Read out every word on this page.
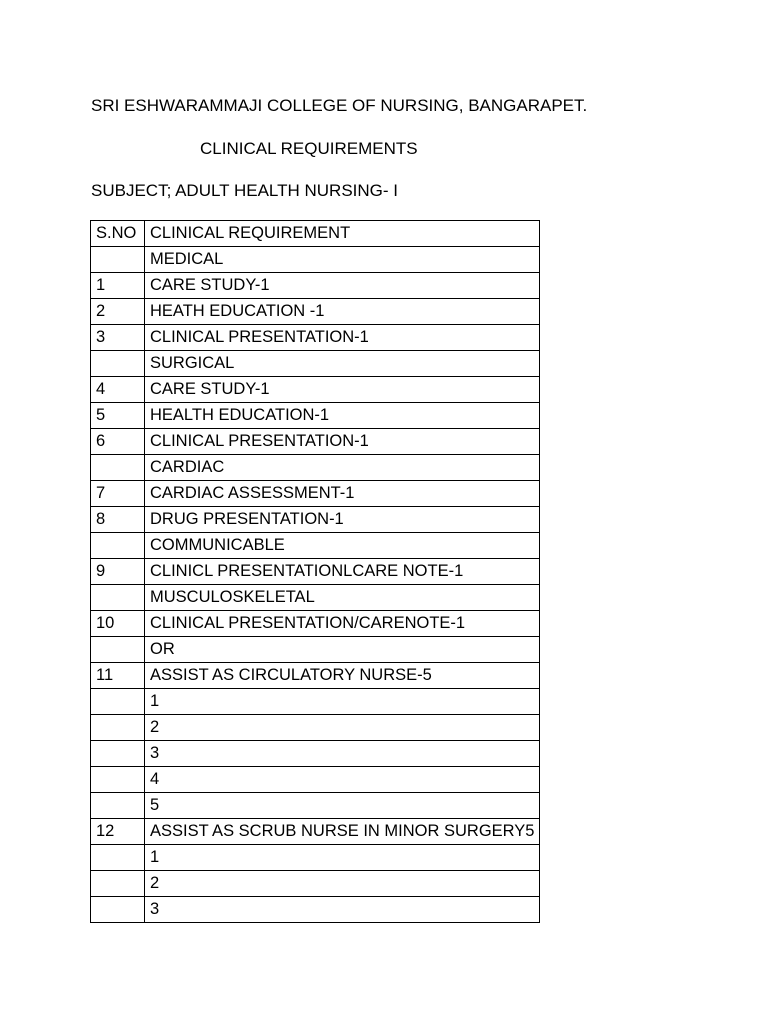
SRI ESHWARAMMAJI COLLEGE OF NURSING, BANGARAPET.
CLINICAL REQUIREMENTS
SUBJECT; ADULT HEALTH NURSING- I
S.NO	CLINICAL REQUIREMENT
	MEDICAL
1	CARE STUDY-1
2	HEATH EDUCATION -1
3	CLINICAL PRESENTATION-1
	SURGICAL
4	CARE STUDY-1
5	HEALTH EDUCATION-1
6	CLINICAL PRESENTATION-1
	CARDIAC
7	CARDIAC ASSESSMENT-1
8	DRUG PRESENTATION-1
	COMMUNICABLE
9	CLINICL PRESENTATIONLCARE NOTE-1
	MUSCULOSKELETAL
10	CLINICAL PRESENTATION/CARENOTE-1
	OR
11	ASSIST AS CIRCULATORY NURSE-5
	1
	2
	3
	4
	5
12	ASSIST AS SCRUB NURSE IN MINOR SURGERY5
	1
	2
	3
